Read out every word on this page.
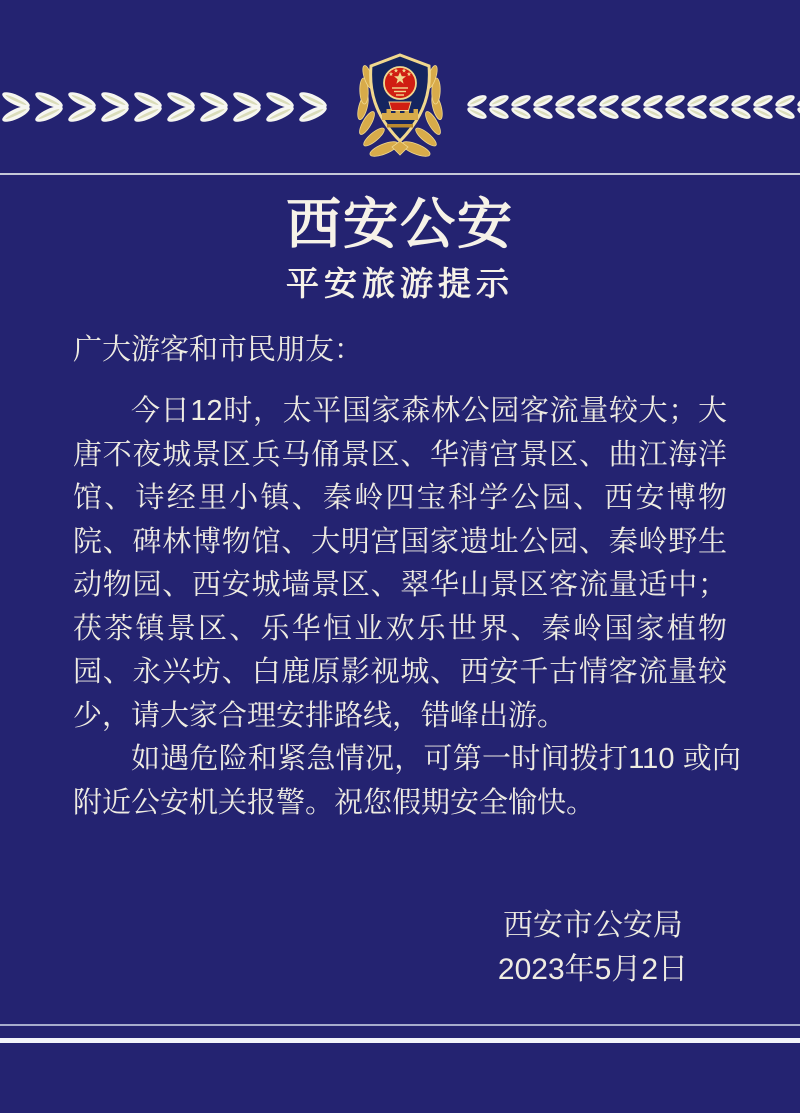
西安公安
平安旅游提示

广大游客和市民朋友：

今日12时，太平国家森林公园客流量较大；大唐不夜城景区兵马俑景区、华清宫景区、曲江海洋馆、诗经里小镇、秦岭四宝科学公园、西安博物院、碑林博物馆、大明宫国家遗址公园、秦岭野生动物园、西安城墙景区、翠华山景区客流量适中；茯茶镇景区、乐华恒业欢乐世界、秦岭国家植物园、永兴坊、白鹿原影视城、西安千古情客流量较少，请大家合理安排路线，错峰出游。

如遇危险和紧急情况，可第一时间拨打110 或向附近公安机关报警。祝您假期安全愉快。

西安市公安局
2023年5月2日
